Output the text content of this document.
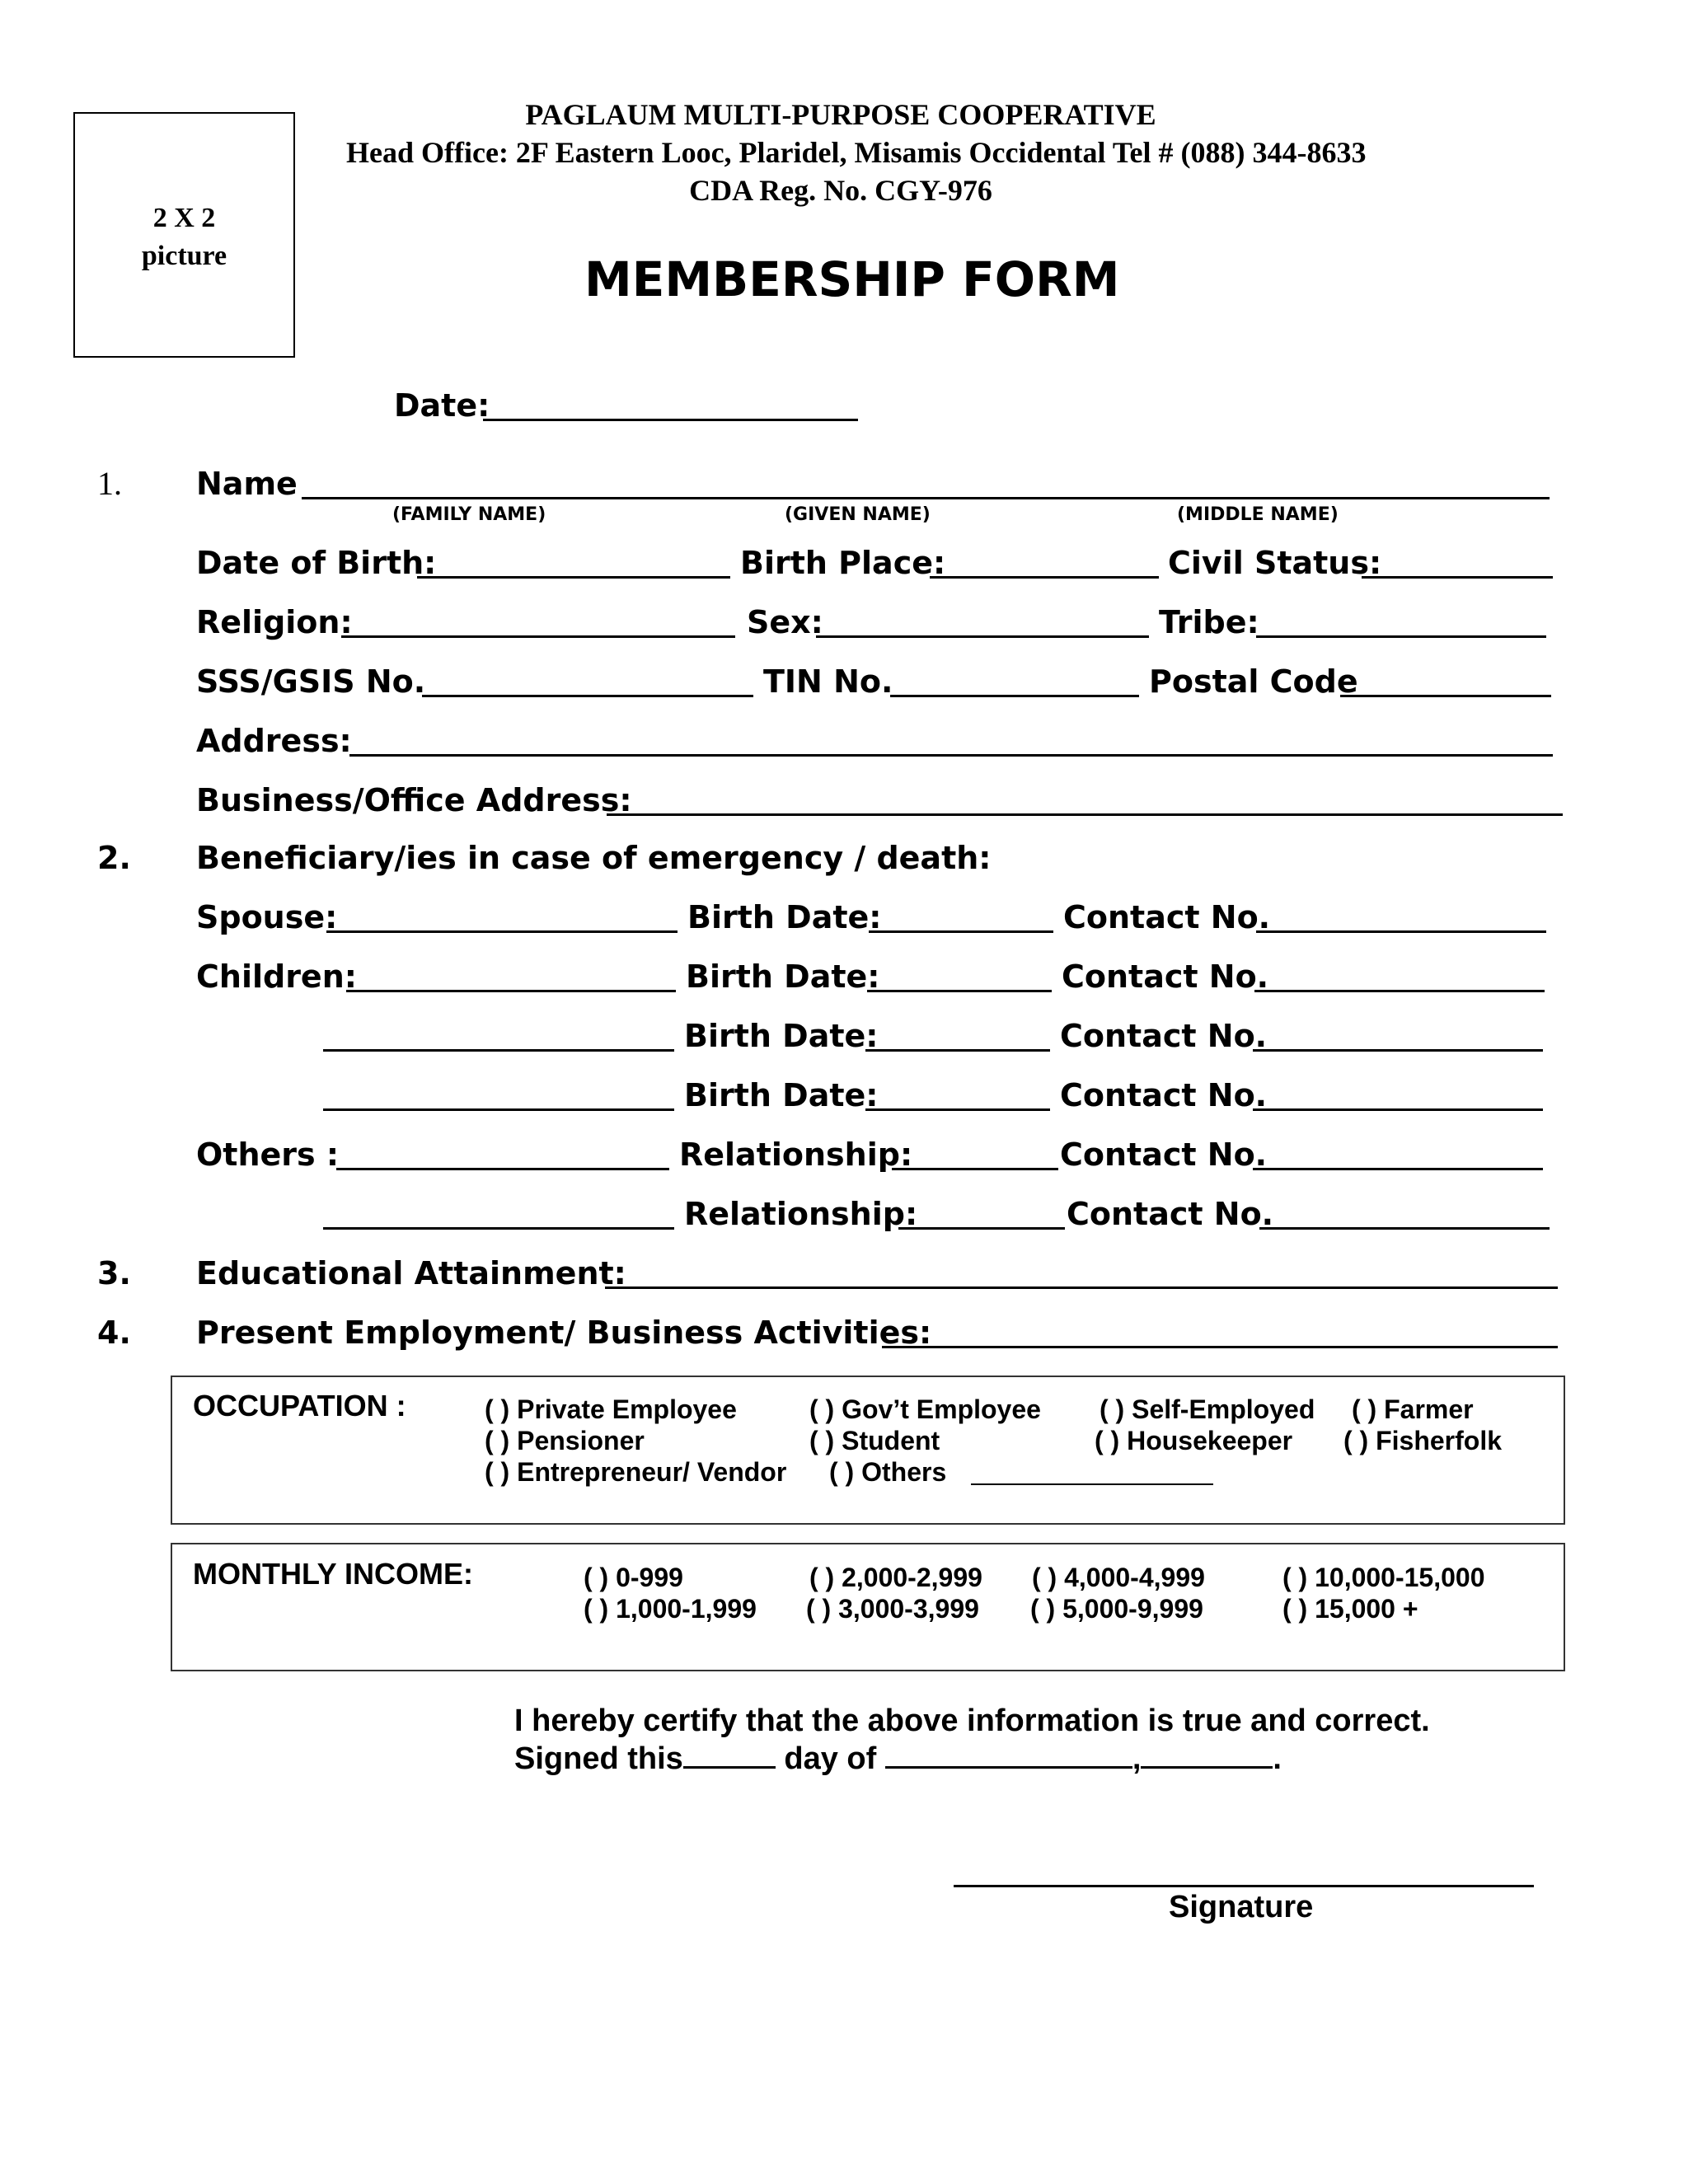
2 X 2
picture
PAGLAUM MULTI-PURPOSE COOPERATIVE
Head Office: 2F Eastern Looc, Plaridel, Misamis Occidental Tel # (088) 344-8633
CDA Reg. No. CGY-976
MEMBERSHIP FORM
Date:
1. Name
(FAMILY NAME)	(GIVEN NAME)	(MIDDLE NAME)
Date of Birth:	Birth Place:	Civil Status:
Religion:	Sex:	Tribe:
SSS/GSIS No.	TIN No.	Postal Code
Address:
Business/Office Address:
2. Beneficiary/ies in case of emergency / death:
Spouse:	Birth Date:	Contact No.
Children:	Birth Date:	Contact No.
Birth Date:	Contact No.
Birth Date:	Contact No.
Others :	Relationship:	Contact No.
Relationship:	Contact No.
3. Educational Attainment:
4. Present Employment/ Business Activities:
OCCUPATION :	( ) Private Employee	( ) Gov’t Employee ( ) Self-Employed ( ) Farmer
( ) Pensioner	( ) Student	( ) Housekeeper ( ) Fisherfolk
( ) Entrepreneur/ Vendor ( ) Others
MONTHLY INCOME:	( ) 0-999	( ) 2,000-2,999 ( ) 4,000-4,999	( ) 10,000-15,000
( ) 1,000-1,999 ( ) 3,000-3,999 ( ) 5,000-9,999	( ) 15,000 +
I hereby certify that the above information is true and correct.
Signed this	day of	,	.
Signature
